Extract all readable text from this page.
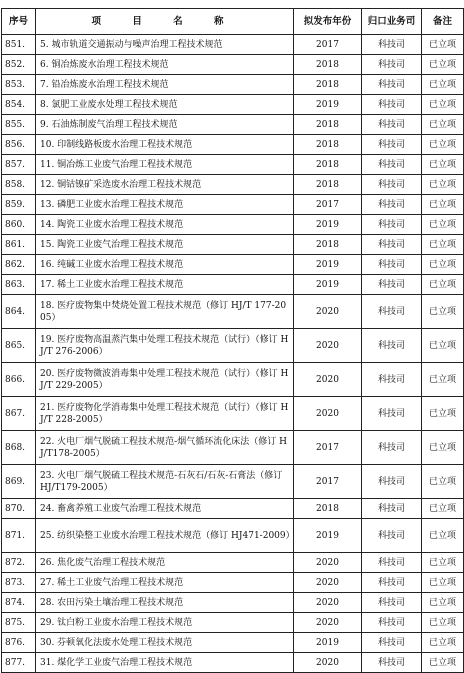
序号	项 目 名 称	拟发布年份	归口业务司	备注
851.	5. 城市轨道交通振动与噪声治理工程技术规范	2017	科技司	已立项
852.	6. 铜冶炼废水治理工程技术规范	2018	科技司	已立项
853.	7. 铅冶炼废水治理工程技术规范	2018	科技司	已立项
854.	8. 氯肥工业废水处理工程技术规范	2019	科技司	已立项
855.	9. 石油炼制废气治理工程技术规范	2018	科技司	已立项
856.	10. 印制线路板废水治理工程技术规范	2018	科技司	已立项
857.	11. 铜冶炼工业废气治理工程技术规范	2018	科技司	已立项
858.	12. 铜钴镍矿采选废水治理工程技术规范	2018	科技司	已立项
859.	13. 磷肥工业废水治理工程技术规范	2017	科技司	已立项
860.	14. 陶瓷工业废水治理工程技术规范	2019	科技司	已立项
861.	15. 陶瓷工业废气治理工程技术规范	2018	科技司	已立项
862.	16. 纯碱工业废水治理工程技术规范	2019	科技司	已立项
863.	17. 稀土工业废水治理工程技术规范	2019	科技司	已立项
864.	18. 医疗废物集中焚烧处置工程技术规范（修订 HJ/T 177-2005）	2020	科技司	已立项
865.	19. 医疗废物高温蒸汽集中处理工程技术规范（试行）（修订 HJ/T 276-2006）	2020	科技司	已立项
866.	20. 医疗废物微波消毒集中处理工程技术规范（试行）（修订 HJ/T 229-2005）	2020	科技司	已立项
867.	21. 医疗废物化学消毒集中处理工程技术规范（试行）（修订 HJ/T 228-2005）	2020	科技司	已立项
868.	22. 火电厂烟气脱硫工程技术规范-烟气循环流化床法（修订 HJ/T178-2005）	2017	科技司	已立项
869.	23. 火电厂烟气脱硫工程技术规范-石灰石/石灰-石膏法（修订 HJ/T179-2005）	2017	科技司	已立项
870.	24. 畜禽养殖工业废气治理工程技术规范	2018	科技司	已立项
871.	25. 纺织染整工业废水治理工程技术规范（修订 HJ471-2009）	2019	科技司	已立项
872.	26. 焦化废气治理工程技术规范	2020	科技司	已立项
873.	27. 稀土工业废气治理工程技术规范	2020	科技司	已立项
874.	28. 农田污染土壤治理工程技术规范	2020	科技司	已立项
875.	29. 钛白粉工业废水治理工程技术规范	2020	科技司	已立项
876.	30. 芬顿氧化法废水处理工程技术规范	2019	科技司	已立项
877.	31. 煤化学工业废气治理工程技术规范	2020	科技司	已立项
